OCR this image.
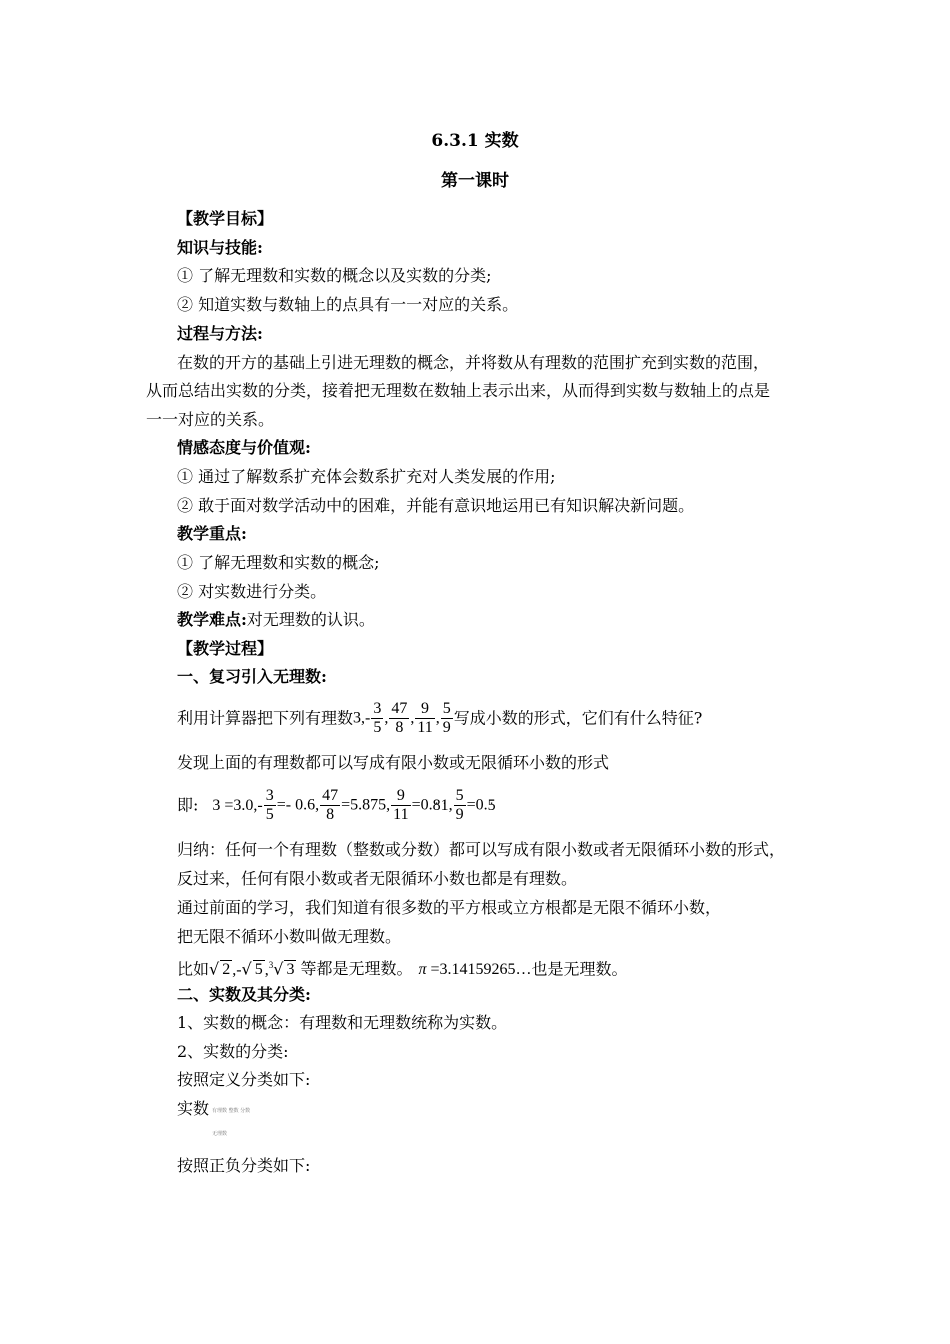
6.3.1 实数
第一课时
【教学目标】
知识与技能:
① 了解无理数和实数的概念以及实数的分类;
② 知道实数与数轴上的点具有一一对应的关系。
过程与方法:
在数的开方的基础上引进无理数的概念，并将数从有理数的范围扩充到实数的范围，
从而总结出实数的分类，接着把无理数在数轴上表示出来，从而得到实数与数轴上的点是
一一对应的关系。
情感态度与价值观:
① 通过了解数系扩充体会数系扩充对人类发展的作用;
② 敢于面对数学活动中的困难，并能有意识地运用已有知识解决新问题。
教学重点:
① 了解无理数和实数的概念;
② 对实数进行分类。
教学难点:对无理数的认识。
【教学过程】
一、复习引入无理数:
利用计算器把下列有理数$3,- \frac{3}{5}$ , $\frac{47}{8}$ , $\frac{9}{11}$ , $\frac{5}{9}$ 写成小数的形式，它们有什么特征?
发现上面的有理数都可以写成有限小数或无限循环小数的形式
即: $3 =3.0,- \frac{3}{5} =- 0.6$, $\frac{47}{8} =5.875$, $\frac{9}{11} =0.\cdot 8\cdot 1$, $\frac{5}{9} =0.\cdot 5$
归纳：任何一个有理数（整数或分数）都可以写成有限小数或者无限循环小数的形式，
反过来，任何有限小数或者无限循环小数也都是有理数。
通过前面的学习，我们知道有很多数的平方根或立方根都是无限不循环小数，
把无限不循环小数叫做无理数。
比如√ 2 ,-√ 5 ,$^3$√ 3 等都是无理数。 π =3.14159265…也是无理数。
二、实数及其分类:
1、实数的概念：有理数和无理数统称为实数。
2、实数的分类:
按照定义分类如下:
实数 有理数 整数 分数
无理数
按照正负分类如下:
